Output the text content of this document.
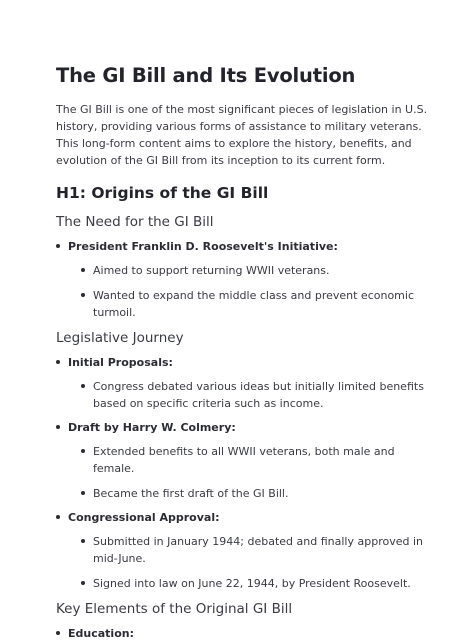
The GI Bill and Its Evolution

The GI Bill is one of the most significant pieces of legislation in U.S. history, providing various forms of assistance to military veterans. This long-form content aims to explore the history, benefits, and evolution of the GI Bill from its inception to its current form.

H1: Origins of the GI Bill
The Need for the GI Bill
President Franklin D. Roosevelt's Initiative:
Aimed to support returning WWII veterans.
Wanted to expand the middle class and prevent economic turmoil.
Legislative Journey
Initial Proposals:
Congress debated various ideas but initially limited benefits based on specific criteria such as income.
Draft by Harry W. Colmery:
Extended benefits to all WWII veterans, both male and female.
Became the first draft of the GI Bill.
Congressional Approval:
Submitted in January 1944; debated and finally approved in mid-June.
Signed into law on June 22, 1944, by President Roosevelt.
Key Elements of the Original GI Bill
Education:
